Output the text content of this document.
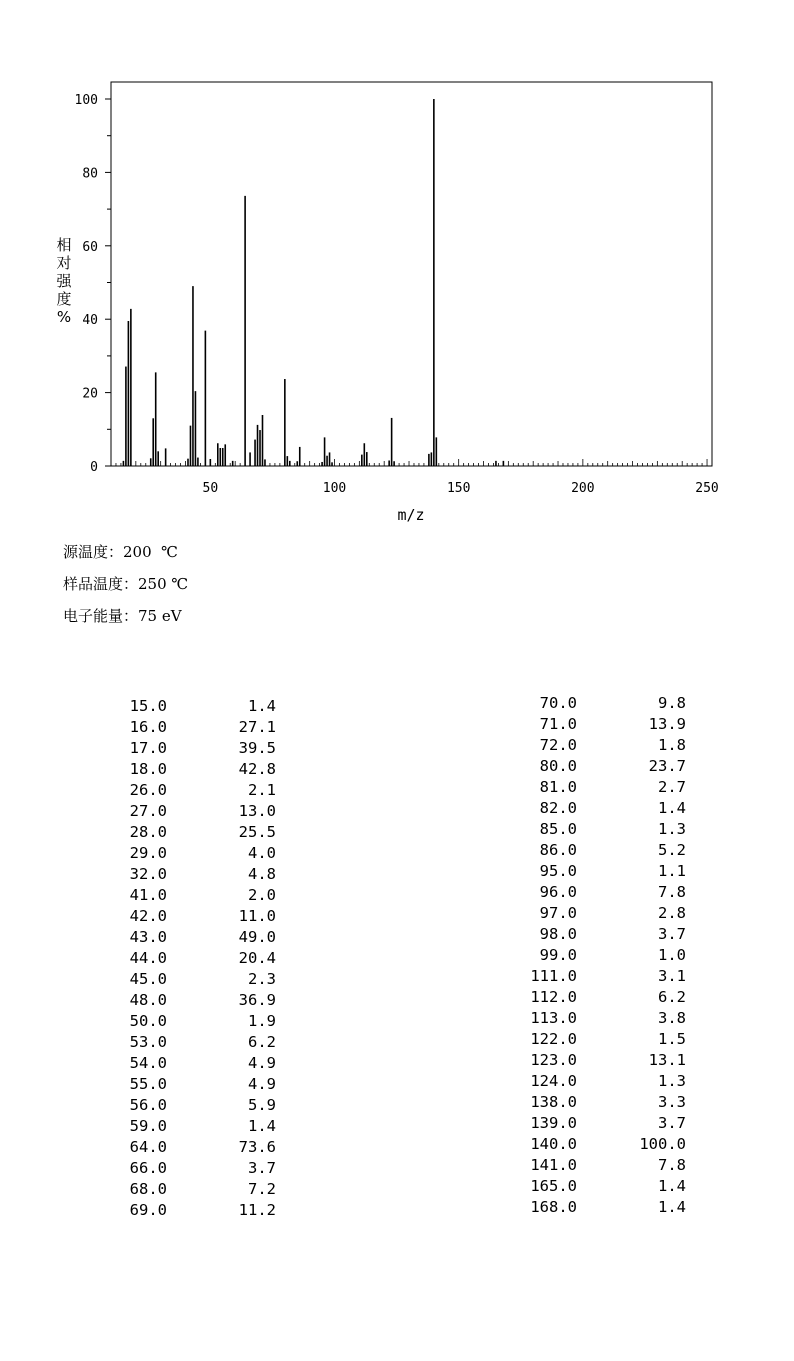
0
20
40
60
80
100
50	100	150	200	250
m/z
相对强度%
源温度：200  ℃
样品温度：250 ℃
电子能量：75 eV
15.0	1.4
16.0	27.1
17.0	39.5
18.0	42.8
26.0	2.1
27.0	13.0
28.0	25.5
29.0	4.0
32.0	4.8
41.0	2.0
42.0	11.0
43.0	49.0
44.0	20.4
45.0	2.3
48.0	36.9
50.0	1.9
53.0	6.2
54.0	4.9
55.0	4.9
56.0	5.9
59.0	1.4
64.0	73.6
66.0	3.7
68.0	7.2
69.0	11.2
70.0	9.8
71.0	13.9
72.0	1.8
80.0	23.7
81.0	2.7
82.0	1.4
85.0	1.3
86.0	5.2
95.0	1.1
96.0	7.8
97.0	2.8
98.0	3.7
99.0	1.0
111.0	3.1
112.0	6.2
113.0	3.8
122.0	1.5
123.0	13.1
124.0	1.3
138.0	3.3
139.0	3.7
140.0	100.0
141.0	7.8
165.0	1.4
168.0	1.4
